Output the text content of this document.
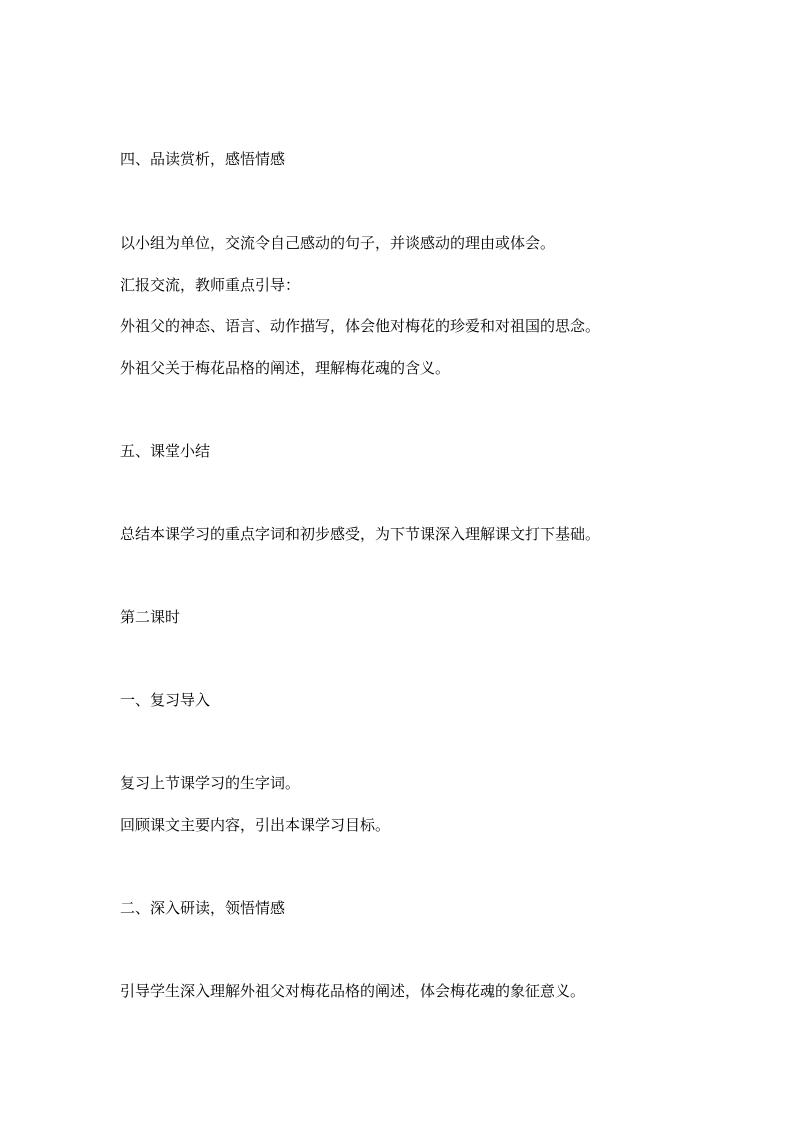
四、品读赏析，感悟情感
以小组为单位，交流令自己感动的句子，并谈感动的理由或体会。
汇报交流，教师重点引导：
外祖父的神态、语言、动作描写，体会他对梅花的珍爱和对祖国的思念。
外祖父关于梅花品格的阐述，理解梅花魂的含义。
五、课堂小结
总结本课学习的重点字词和初步感受，为下节课深入理解课文打下基础。
第二课时
一、复习导入
复习上节课学习的生字词。
回顾课文主要内容，引出本课学习目标。
二、深入研读，领悟情感
引导学生深入理解外祖父对梅花品格的阐述，体会梅花魂的象征意义。
